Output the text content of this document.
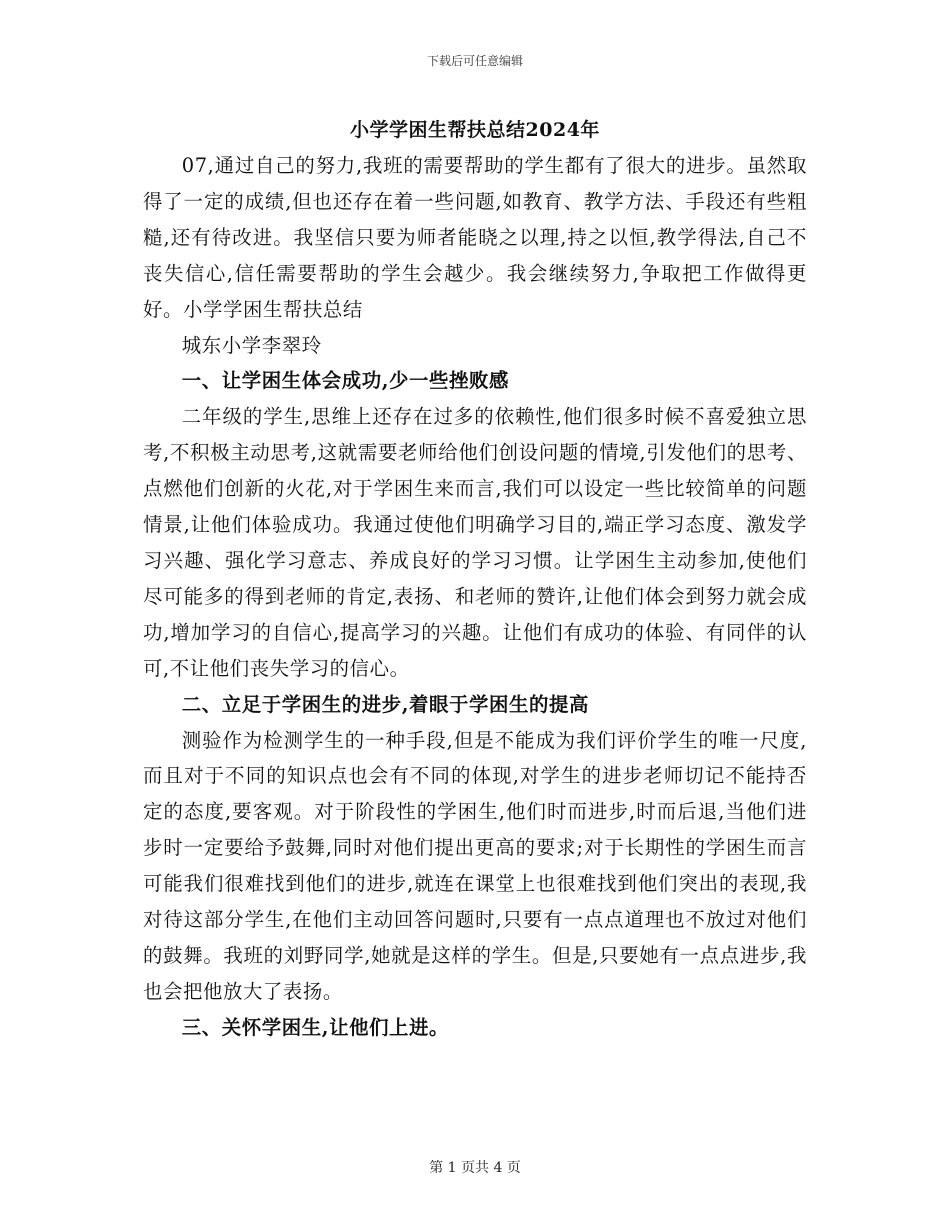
下载后可任意编辑
小学学困生帮扶总结2024年

07,通过自己的努力,我班的需要帮助的学生都有了很大的进步。虽然取得了一定的成绩,但也还存在着一些问题,如教育、教学方法、手段还有些粗糙,还有待改进。我坚信只要为师者能晓之以理,持之以恒,教学得法,自己不丧失信心,信任需要帮助的学生会越少。我会继续努力,争取把工作做得更好。小学学困生帮扶总结

城东小学李翠玲

一、让学困生体会成功,少一些挫败感

二年级的学生,思维上还存在过多的依赖性,他们很多时候不喜爱独立思考,不积极主动思考,这就需要老师给他们创设问题的情境,引发他们的思考、点燃他们创新的火花,对于学困生来而言,我们可以设定一些比较简单的问题情景,让他们体验成功。我通过使他们明确学习目的,端正学习态度、激发学习兴趣、强化学习意志、养成良好的学习习惯。让学困生主动参加,使他们尽可能多的得到老师的肯定,表扬、和老师的赞许,让他们体会到努力就会成功,增加学习的自信心,提高学习的兴趣。让他们有成功的体验、有同伴的认可,不让他们丧失学习的信心。

二、立足于学困生的进步,着眼于学困生的提高

测验作为检测学生的一种手段,但是不能成为我们评价学生的唯一尺度,而且对于不同的知识点也会有不同的体现,对学生的进步老师切记不能持否定的态度,要客观。对于阶段性的学困生,他们时而进步,时而后退,当他们进步时一定要给予鼓舞,同时对他们提出更高的要求;对于长期性的学困生而言可能我们很难找到他们的进步,就连在课堂上也很难找到他们突出的表现,我对待这部分学生,在他们主动回答问题时,只要有一点点道理也不放过对他们的鼓舞。我班的刘野同学,她就是这样的学生。但是,只要她有一点点进步,我也会把他放大了表扬。

三、关怀学困生,让他们上进。

第 1 页共 4 页
